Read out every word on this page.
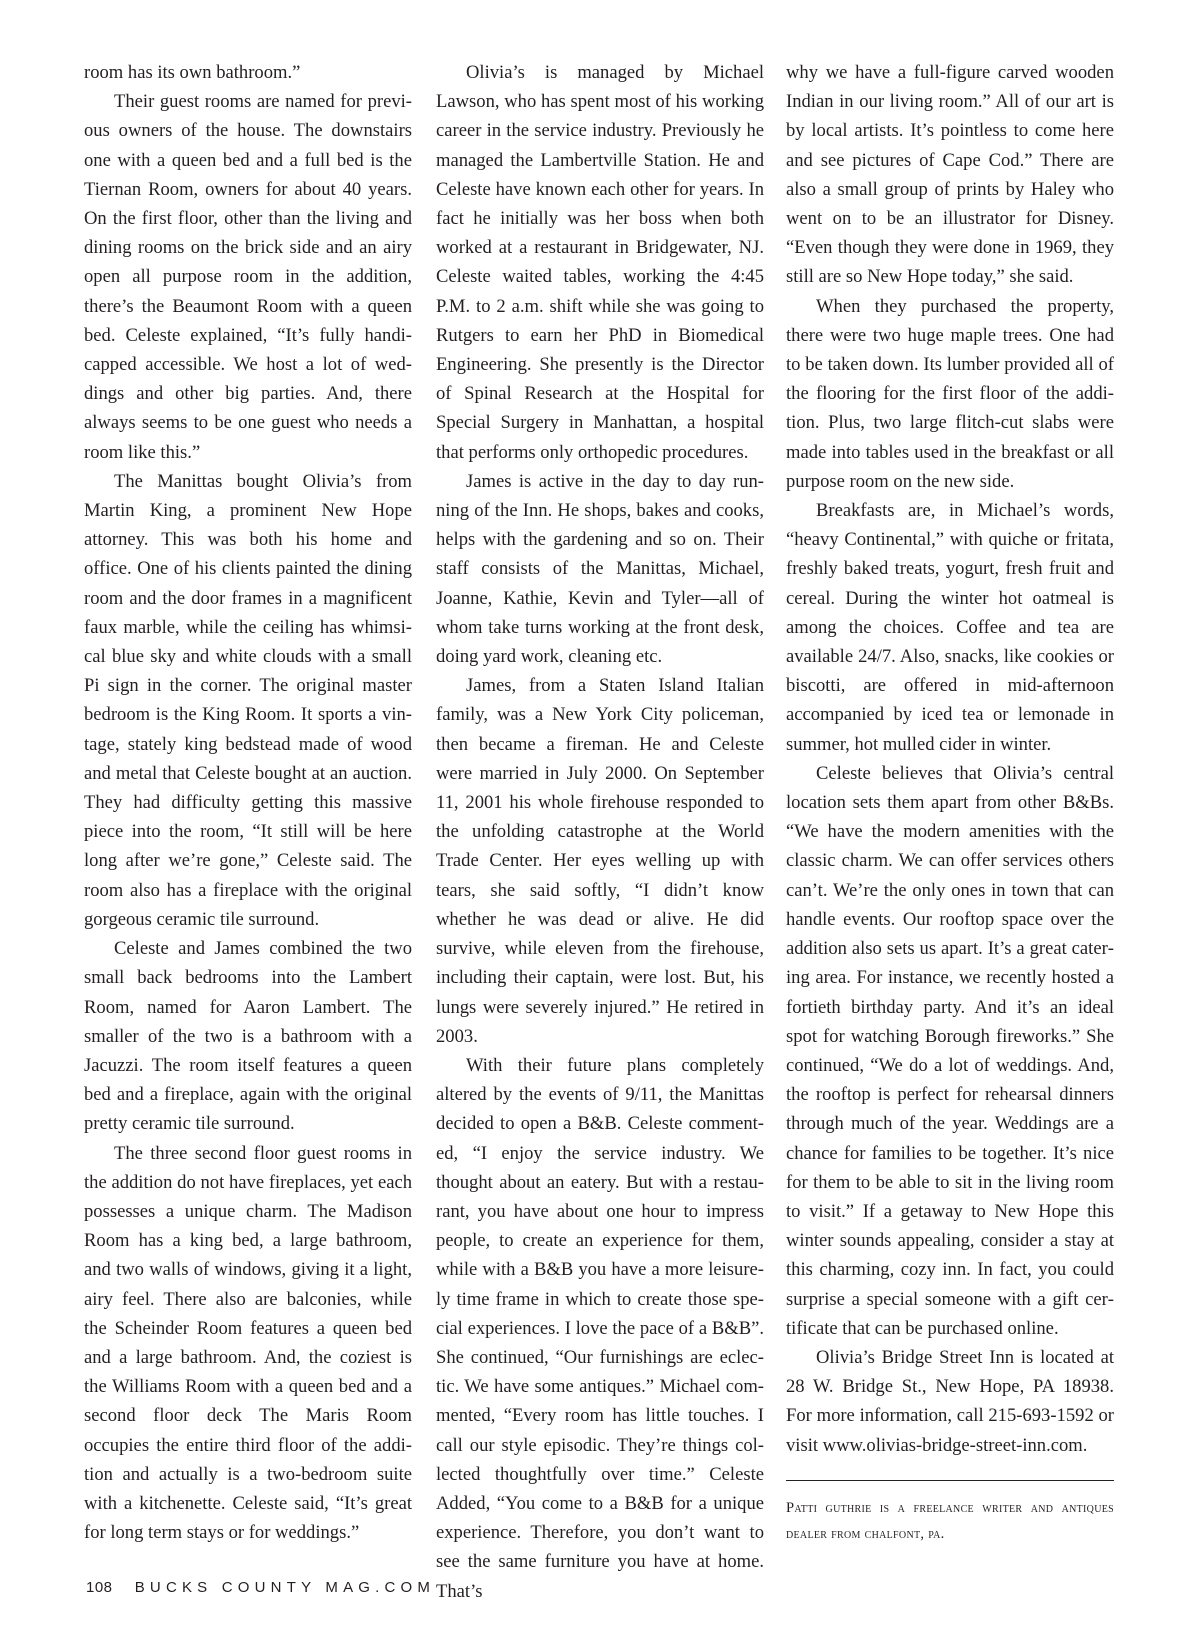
room has its own bathroom.”

Their guest rooms are named for previous owners of the house. The downstairs one with a queen bed and a full bed is the Tiernan Room, owners for about 40 years. On the first floor, other than the living and dining rooms on the brick side and an airy open all purpose room in the addition, there’s the Beaumont Room with a queen bed. Celeste explained, “It’s fully handicapped accessible. We host a lot of weddings and other big parties. And, there always seems to be one guest who needs a room like this.”

The Manittas bought Olivia’s from Martin King, a prominent New Hope attorney. This was both his home and office. One of his clients painted the dining room and the door frames in a magnificent faux marble, while the ceiling has whimsical blue sky and white clouds with a small Pi sign in the corner. The original master bedroom is the King Room. It sports a vintage, stately king bedstead made of wood and metal that Celeste bought at an auction. They had difficulty getting this massive piece into the room, “It still will be here long after we’re gone,” Celeste said. The room also has a fireplace with the original gorgeous ceramic tile surround.

Celeste and James combined the two small back bedrooms into the Lambert Room, named for Aaron Lambert. The smaller of the two is a bathroom with a Jacuzzi. The room itself features a queen bed and a fireplace, again with the original pretty ceramic tile surround.

The three second floor guest rooms in the addition do not have fireplaces, yet each possesses a unique charm. The Madison Room has a king bed, a large bathroom, and two walls of windows, giving it a light, airy feel. There also are balconies, while the Scheinder Room features a queen bed and a large bathroom. And, the coziest is the Williams Room with a queen bed and a second floor deck The Maris Room occupies the entire third floor of the addition and actually is a two-bedroom suite with a kitchenette. Celeste said, “It’s great for long term stays or for weddings.”

Olivia’s is managed by Michael Lawson, who has spent most of his working career in the service industry. Previously he managed the Lambertville Station. He and Celeste have known each other for years. In fact he initially was her boss when both worked at a restaurant in Bridgewater, NJ. Celeste waited tables, working the 4:45 P.M. to 2 a.m. shift while she was going to Rutgers to earn her PhD in Biomedical Engineering. She presently is the Director of Spinal Research at the Hospital for Special Surgery in Manhattan, a hospital that performs only orthopedic procedures.

James is active in the day to day running of the Inn. He shops, bakes and cooks, helps with the gardening and so on. Their staff consists of the Manittas, Michael, Joanne, Kathie, Kevin and Tyler—all of whom take turns working at the front desk, doing yard work, cleaning etc.

James, from a Staten Island Italian family, was a New York City policeman, then became a fireman. He and Celeste were married in July 2000. On September 11, 2001 his whole firehouse responded to the unfolding catastrophe at the World Trade Center. Her eyes welling up with tears, she said softly, “I didn’t know whether he was dead or alive. He did survive, while eleven from the firehouse, including their captain, were lost. But, his lungs were severely injured.” He retired in 2003.

With their future plans completely altered by the events of 9/11, the Manittas decided to open a B&B. Celeste commented, “I enjoy the service industry. We thought about an eatery. But with a restaurant, you have about one hour to impress people, to create an experience for them, while with a B&B you have a more leisurely time frame in which to create those special experiences. I love the pace of a B&B”. She continued, “Our furnishings are eclectic. We have some antiques.” Michael commented, “Every room has little touches. I call our style episodic. They’re things collected thoughtfully over time.” Celeste Added, “You come to a B&B for a unique experience. Therefore, you don’t want to see the same furniture you have at home. That’s

why we have a full-figure carved wooden Indian in our living room.” All of our art is by local artists. It’s pointless to come here and see pictures of Cape Cod.” There are also a small group of prints by Haley who went on to be an illustrator for Disney. “Even though they were done in 1969, they still are so New Hope today,” she said.

When they purchased the property, there were two huge maple trees. One had to be taken down. Its lumber provided all of the flooring for the first floor of the addition. Plus, two large flitch-cut slabs were made into tables used in the breakfast or all purpose room on the new side.

Breakfasts are, in Michael’s words, “heavy Continental,” with quiche or fritata, freshly baked treats, yogurt, fresh fruit and cereal. During the winter hot oatmeal is among the choices. Coffee and tea are available 24/7. Also, snacks, like cookies or biscotti, are offered in mid-afternoon accompanied by iced tea or lemonade in summer, hot mulled cider in winter.

Celeste believes that Olivia’s central location sets them apart from other B&Bs. “We have the modern amenities with the classic charm. We can offer services others can’t. We’re the only ones in town that can handle events. Our rooftop space over the addition also sets us apart. It’s a great catering area. For instance, we recently hosted a fortieth birthday party. And it’s an ideal spot for watching Borough fireworks.” She continued, “We do a lot of weddings. And, the rooftop is perfect for rehearsal dinners through much of the year. Weddings are a chance for families to be together. It’s nice for them to be able to sit in the living room to visit.” If a getaway to New Hope this winter sounds appealing, consider a stay at this charming, cozy inn. In fact, you could surprise a special someone with a gift certificate that can be purchased online.

Olivia’s Bridge Street Inn is located at 28 W. Bridge St., New Hope, PA 18938. For more information, call 215-693-1592 or visit www.olivias-bridge-street-inn.com.

Patti guthrie is a freelance writer and antiques dealer from chalfont, pa.
108 BUCKS COUNTY MAG.COM
